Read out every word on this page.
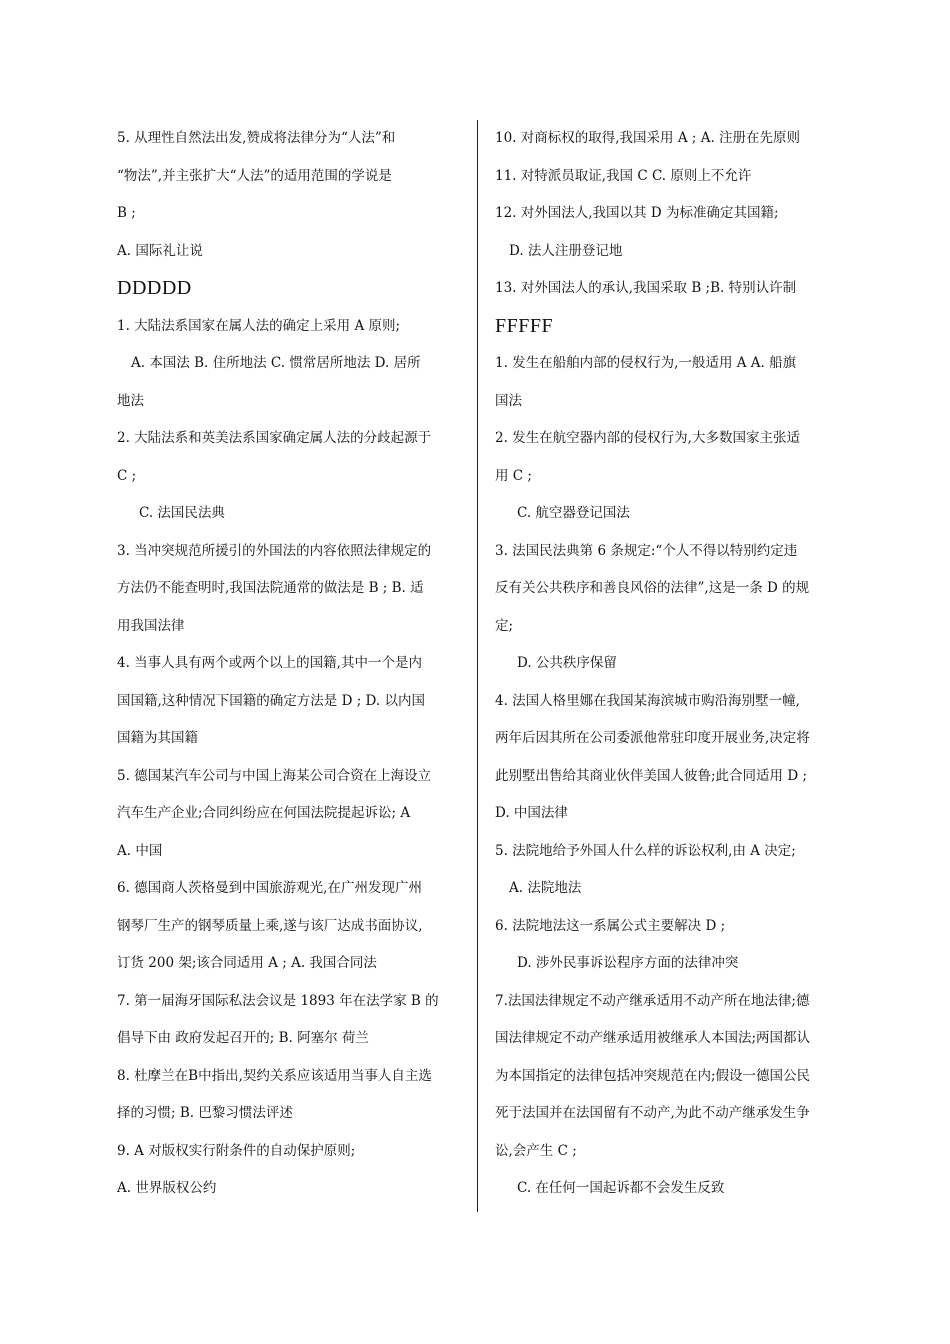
5. 从理性自然法出发,赞成将法律分为“人法”和
“物法”,并主张扩大“人法”的适用范围的学说是
B ;
A. 国际礼让说
DDDDD
1. 大陆法系国家在属人法的确定上采用 A 原则;
A. 本国法 B. 住所地法 C. 惯常居所地法 D. 居所
地法
2. 大陆法系和英美法系国家确定属人法的分歧起源于
C ;
C. 法国民法典
3. 当冲突规范所援引的外国法的内容依照法律规定的
方法仍不能查明时,我国法院通常的做法是 B ; B. 适
用我国法律
4. 当事人具有两个或两个以上的国籍,其中一个是内
国国籍,这种情况下国籍的确定方法是 D ; D. 以内国
国籍为其国籍
5. 德国某汽车公司与中国上海某公司合资在上海设立
汽车生产企业;合同纠纷应在何国法院提起诉讼; A
A. 中国
6. 德国商人茨格曼到中国旅游观光,在广州发现广州
钢琴厂生产的钢琴质量上乘,遂与该厂达成书面协议,
订货 200 架;该合同适用 A ; A. 我国合同法
7. 第一届海牙国际私法会议是 1893 年在法学家 B 的
倡导下由 政府发起召开的; B. 阿塞尔 荷兰
8. 杜摩兰在B中指出,契约关系应该适用当事人自主选
择的习惯; B. 巴黎习惯法评述
9. A 对版权实行附条件的自动保护原则;
A. 世界版权公约
10. 对商标权的取得,我国采用 A ; A. 注册在先原则
11. 对特派员取证,我国 C C. 原则上不允许
12. 对外国法人,我国以其 D 为标准确定其国籍;
D. 法人注册登记地
13. 对外国法人的承认,我国采取 B ;B. 特别认许制
FFFFF
1. 发生在船舶内部的侵权行为,一般适用 A A. 船旗
国法
2. 发生在航空器内部的侵权行为,大多数国家主张适
用 C ;
C. 航空器登记国法
3. 法国民法典第 6 条规定:“个人不得以特别约定违
反有关公共秩序和善良风俗的法律”,这是一条 D 的规
定;
D. 公共秩序保留
4. 法国人格里娜在我国某海滨城市购沿海别墅一幢,
两年后因其所在公司委派他常驻印度开展业务,决定将
此别墅出售给其商业伙伴美国人彼鲁;此合同适用 D ;
D. 中国法律
5. 法院地给予外国人什么样的诉讼权利,由 A 决定;
A. 法院地法
6. 法院地法这一系属公式主要解决 D ;
D. 涉外民事诉讼程序方面的法律冲突
7.法国法律规定不动产继承适用不动产所在地法律;德
国法律规定不动产继承适用被继承人本国法;两国都认
为本国指定的法律包括冲突规范在内;假设一德国公民
死于法国并在法国留有不动产,为此不动产继承发生争
讼,会产生 C ;
C. 在任何一国起诉都不会发生反致
